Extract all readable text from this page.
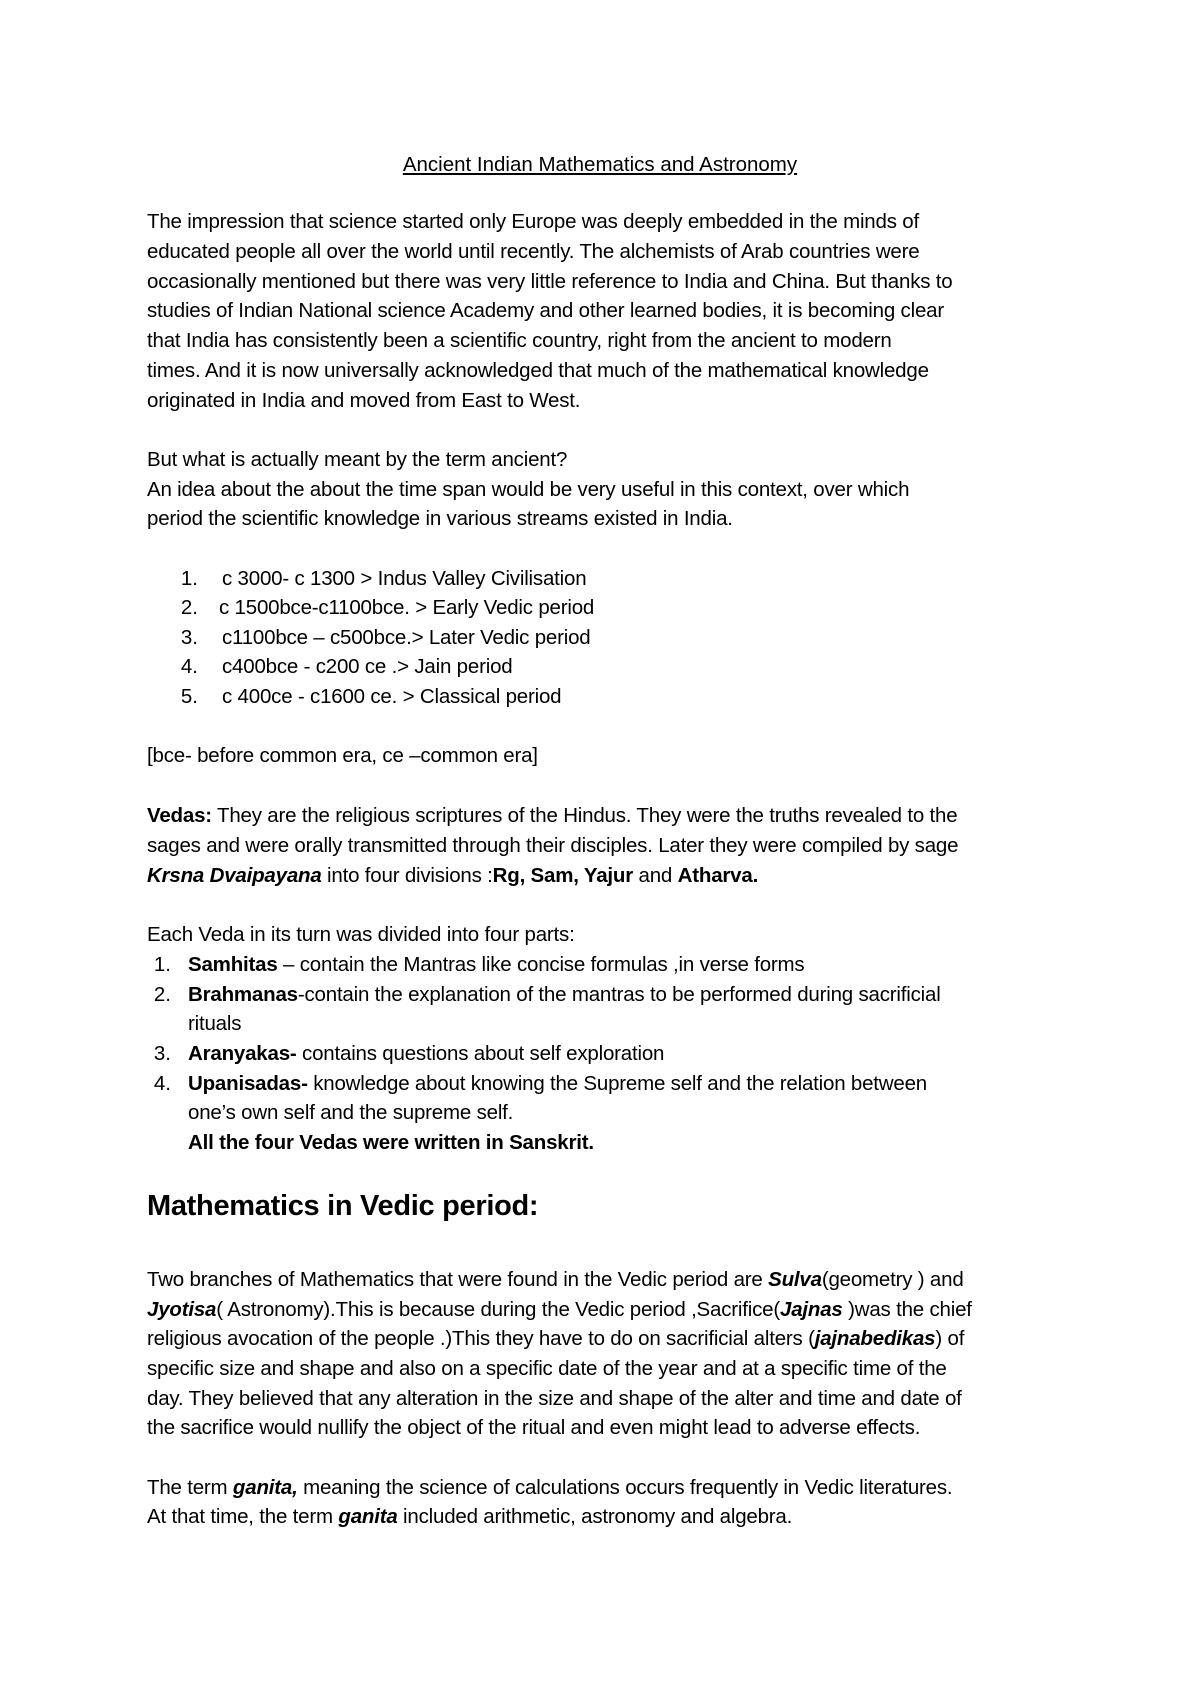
Ancient Indian Mathematics and Astronomy
The impression that science started only Europe was deeply embedded in the minds of
educated people all over the world until recently. The alchemists of Arab countries were
occasionally mentioned but there was very little reference to India and China. But thanks to
studies of Indian National science Academy and other learned bodies, it is becoming clear
that India has consistently been a scientific country, right from the ancient to modern
times. And it is now universally acknowledged that much of the mathematical knowledge
originated in India and moved from East to West.
But what is actually meant by the term ancient?
An idea about the about the time span would be very useful in this context, over which
period the scientific knowledge in various streams existed in India.
1. c 3000- c 1300 > Indus Valley Civilisation
2. c 1500bce-c1100bce. > Early Vedic period
3. c1100bce – c500bce.> Later Vedic period
4. c400bce - c200 ce .> Jain period
5. c 400ce - c1600 ce. > Classical period
[bce- before common era, ce –common era]
Vedas: They are the religious scriptures of the Hindus. They were the truths revealed to the
sages and were orally transmitted through their disciples. Later they were compiled by sage
Krsna Dvaipayana into four divisions :Rg, Sam, Yajur and Atharva.
Each Veda in its turn was divided into four parts:
1. Samhitas – contain the Mantras like concise formulas ,in verse forms
2. Brahmanas-contain the explanation of the mantras to be performed during sacrificial
rituals
3. Aranyakas- contains questions about self exploration
4. Upanisadas- knowledge about knowing the Supreme self and the relation between
one’s own self and the supreme self.
All the four Vedas were written in Sanskrit.
Mathematics in Vedic period:
Two branches of Mathematics that were found in the Vedic period are Sulva(geometry ) and
Jyotisa( Astronomy).This is because during the Vedic period ,Sacrifice(Jajnas )was the chief
religious avocation of the people .)This they have to do on sacrificial alters (jajnabedikas) of
specific size and shape and also on a specific date of the year and at a specific time of the
day. They believed that any alteration in the size and shape of the alter and time and date of
the sacrifice would nullify the object of the ritual and even might lead to adverse effects.
The term ganita, meaning the science of calculations occurs frequently in Vedic literatures.
At that time, the term ganita included arithmetic, astronomy and algebra.
